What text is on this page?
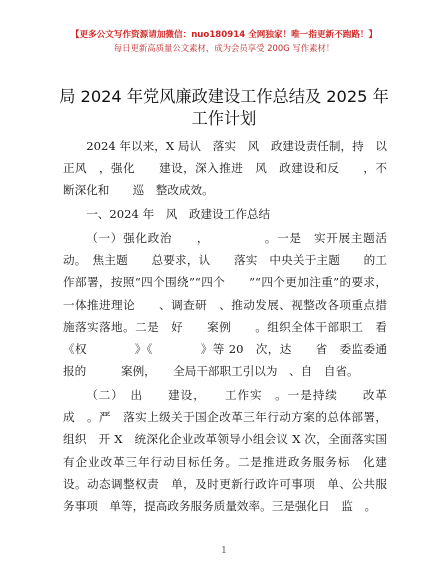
【更多公文写作资源请加微信：nuo180914 全网独家！唯一指更新不跑路！】
每日更新高质量公文素材，成为会员享受 200G 写作素材！
局 2024 年党风廉政建设工作总结及 2025 年工作计划

2024 年以来，X 局认　落实　风　政建设责任制，持　以　正风　，强化　　建设，深入推进　风　政建设和反　　，不断深化和　　巡　整改成效。

一、2024 年　风　政建设工作总结

（一）强化政治　　，　　　　　。一是　实开展主题活动。　焦主题　　总要求，认　　落实　中央关于主题　　的工作部署，按照“四个围绕”“四个　　”“四个更加注重”的要求，一体推进理论　　、调查研　、推动发展、视整改各项重点措施落实落地。二是　好　　案例　　。组织全体干部职工　看《权　　　　》《　　　　》等 20　次，达　　省　委监委通报的　　　案例，　　全局干部职工引以为　、自　自省。

（二）　出　　建设，　　工作实　。一是持续　　改革成　。严　落实上级关于国企改革三年行动方案的总体部署，组织　开 X　统深化企业改革领导小组会议 X 次，全面落实国有企业改革三年行动目标任务。二是推进政务服务标　化建设。动态调整权责　单，及时更新行政许可事项　单、公共服务事项　单等，提高政务服务质量效率。三是强化日　监　。

1
